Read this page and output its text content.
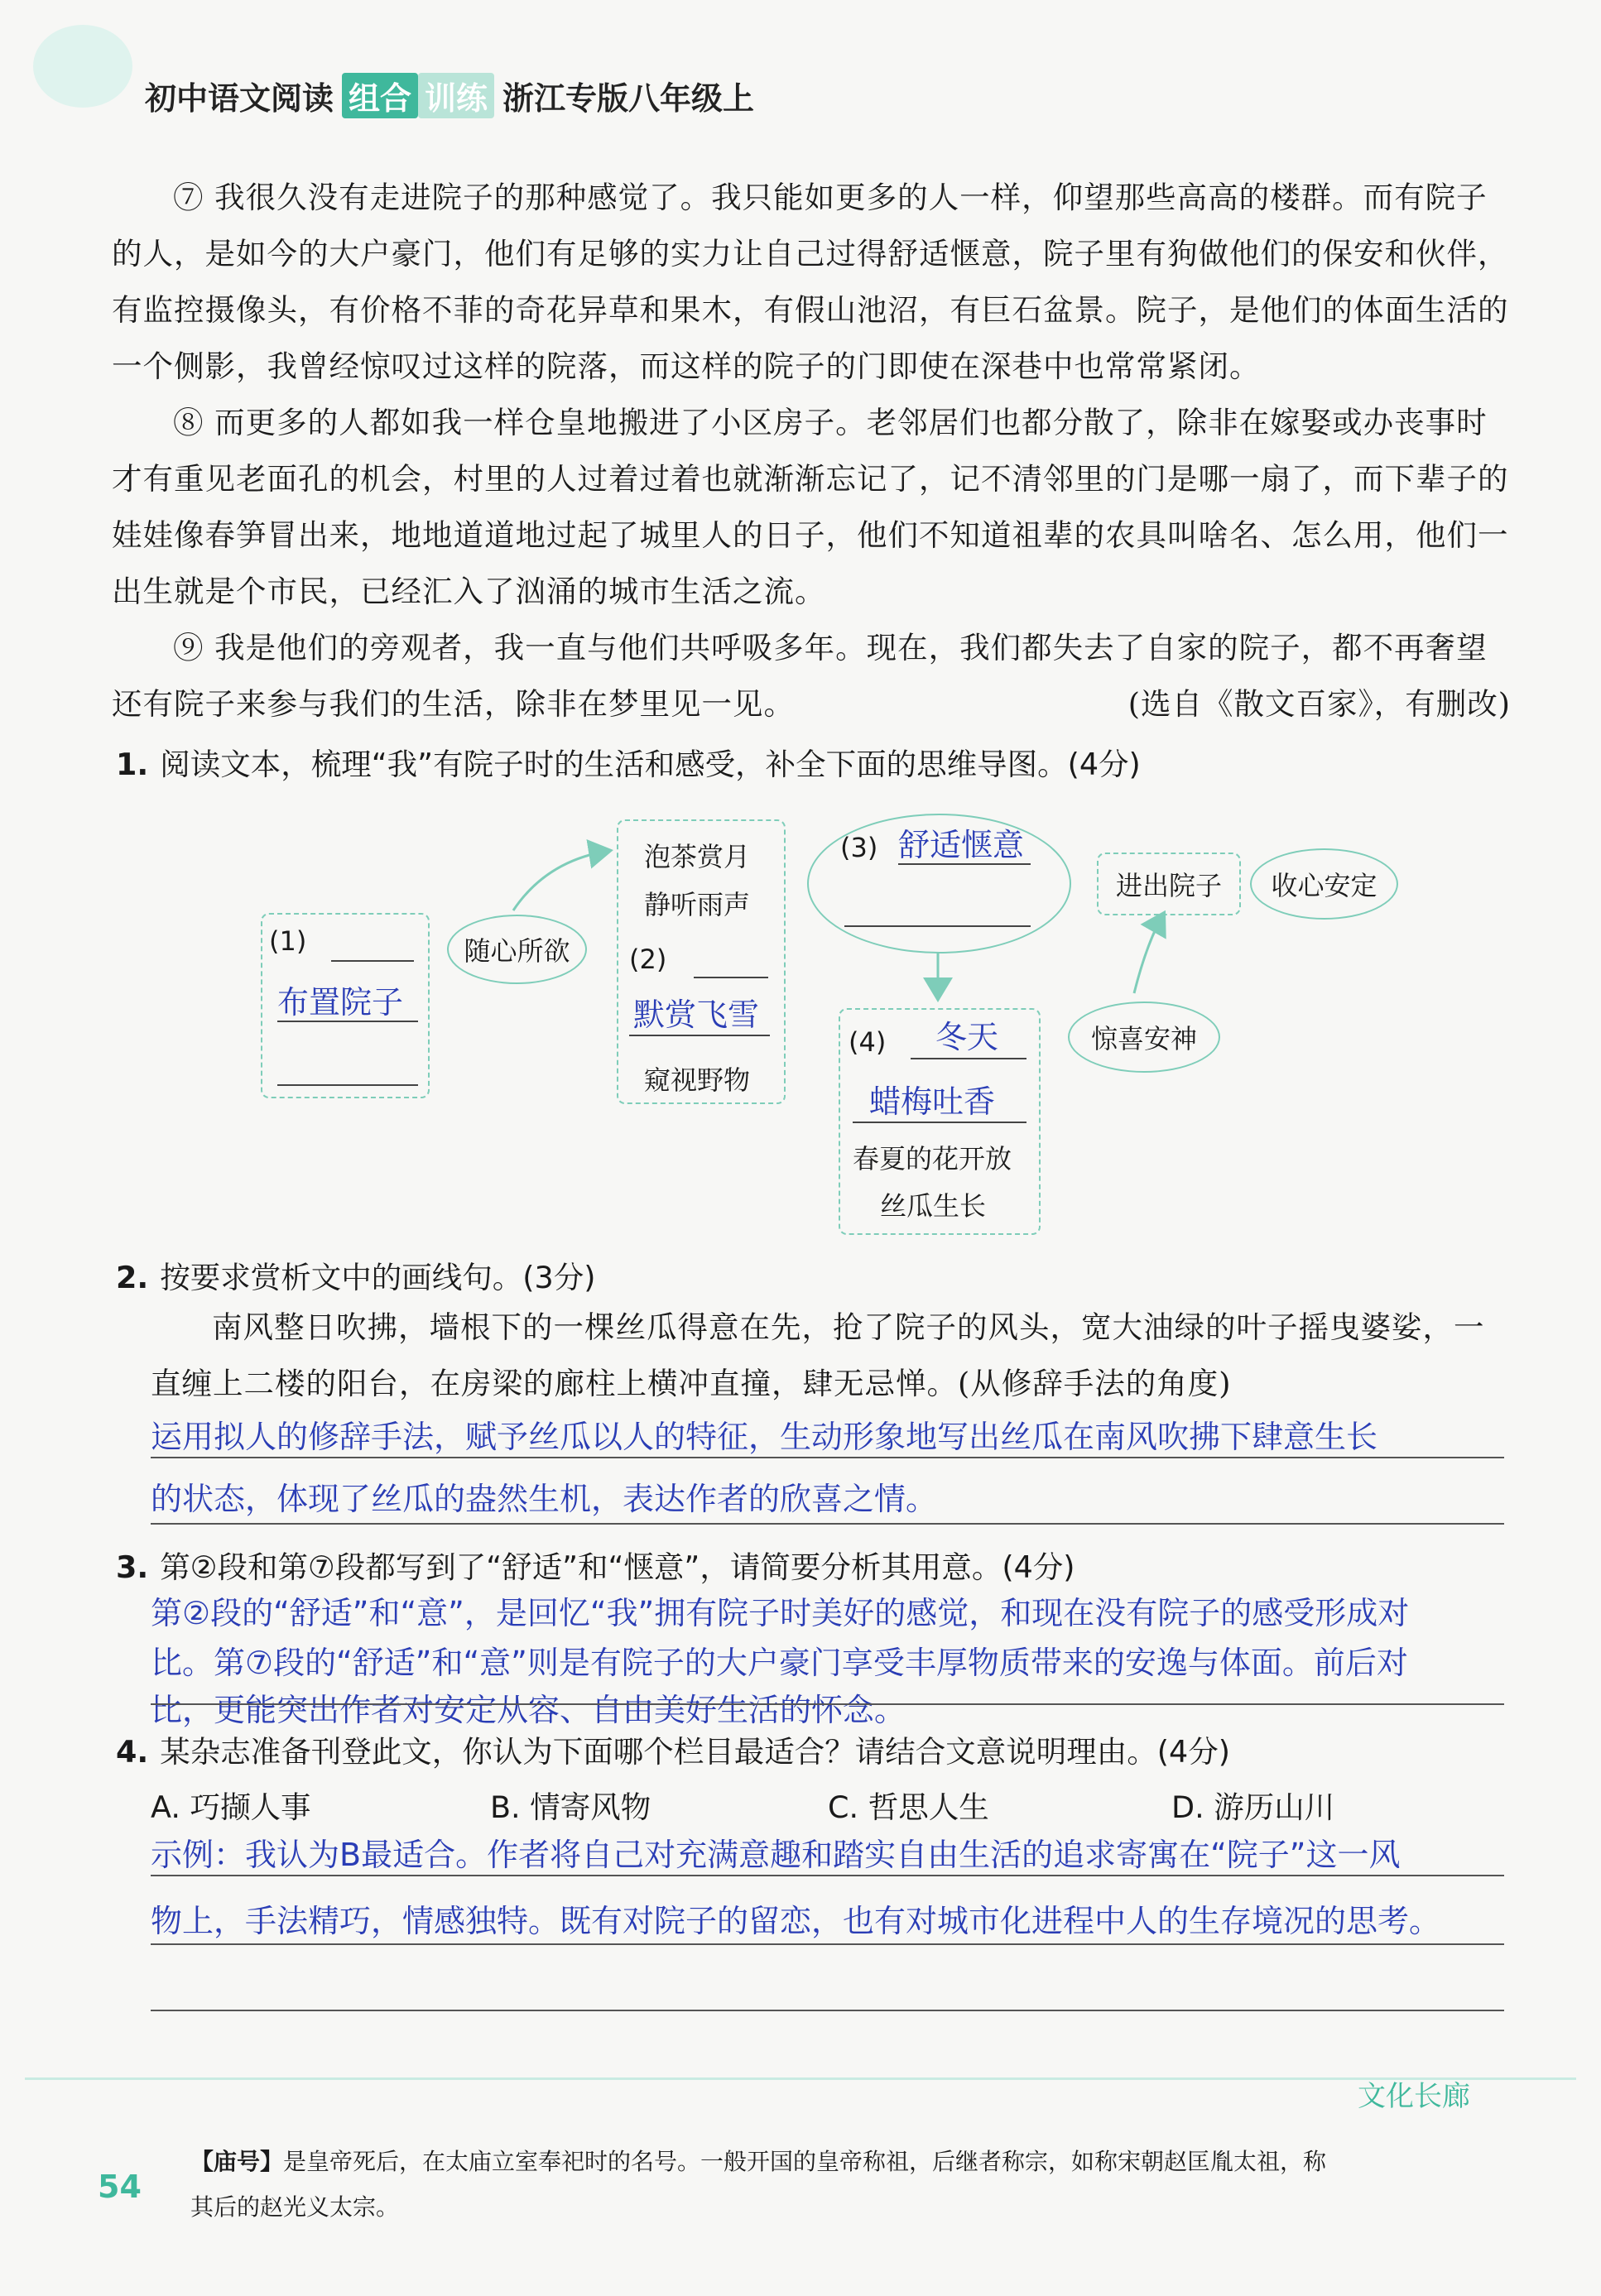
初中语文阅读 组合 训练 浙江专版八年级上

⑦ 我很久没有走进院子的那种感觉了。我只能如更多的人一样，仰望那些高高的楼群。而有院子的人，是如今的大户豪门，他们有足够的实力让自己过得舒适惬意，院子里有狗做他们的保安和伙伴，有监控摄像头，有价格不菲的奇花异草和果木，有假山池沼，有巨石盆景。院子，是他们的体面生活的一个侧影，我曾经惊叹过这样的院落，而这样的院子的门即使在深巷中也常常紧闭。

⑧ 而更多的人都如我一样仓皇地搬进了小区房子。老邻居们也都分散了，除非在嫁娶或办丧事时才有重见老面孔的机会，村里的人过着过着也就渐渐忘记了，记不清邻里的门是哪一扇了，而下辈子的娃娃像春笋冒出来，地地道道地过起了城里人的日子，他们不知道祖辈的农具叫啥名、怎么用，他们一出生就是个市民，已经汇入了汹涌的城市生活之流。

⑨ 我是他们的旁观者，我一直与他们共呼吸多年。现在，我们都失去了自家的院子，都不再奢望还有院子来参与我们的生活，除非在梦里见一见。	(选自《散文百家》，有删改)

1. 阅读文本，梳理“我”有院子时的生活和感受，补全下面的思维导图。(4分)
(1)
布置院子
随心所欲
泡茶赏月
静听雨声
(2)
默赏飞雪
窥视野物
(3) 舒适惬意
(4) 冬天
蜡梅吐香
春夏的花开放
丝瓜生长
进出院子 收心安定
惊喜安神
2. 按要求赏析文中的画线句。(3分)
南风整日吹拂，墙根下的一棵丝瓜得意在先，抢了院子的风头，宽大油绿的叶子摇曳婆娑，一直缠上二楼的阳台，在房梁的廊柱上横冲直撞，肆无忌惮。(从修辞手法的角度)
运用拟人的修辞手法，赋予丝瓜以人的特征，生动形象地写出丝瓜在南风吹拂下肆意生长
的状态，体现了丝瓜的盎然生机，表达作者的欣喜之情。
3. 第②段和第⑦段都写到了“舒适”和“惬意”，请简要分析其用意。(4分)
第②段的“舒适”和“意”，是回忆“我”拥有院子时美好的感觉，和现在没有院子的感受形成对
比。第⑦段的“舒适”和“意”则是有院子的大户豪门享受丰厚物质带来的安逸与体面。前后对
比，更能突出作者对安定从容、自由美好生活的怀念。
4. 某杂志准备刊登此文，你认为下面哪个栏目最适合？请结合文意说明理由。(4分)
A. 巧撷人事	B. 情寄风物	C. 哲思人生	D. 游历山川
示例：我认为B最适合。作者将自己对充满意趣和踏实自由生活的追求寄寓在“院子”这一风
物上，手法精巧，情感独特。既有对院子的留恋，也有对城市化进程中人的生存境况的思考。
文化长廊
54
【庙号】是皇帝死后，在太庙立室奉祀时的名号。一般开国的皇帝称祖，后继者称宗，如称宋朝赵匡胤太祖，称
其后的赵光义太宗。
